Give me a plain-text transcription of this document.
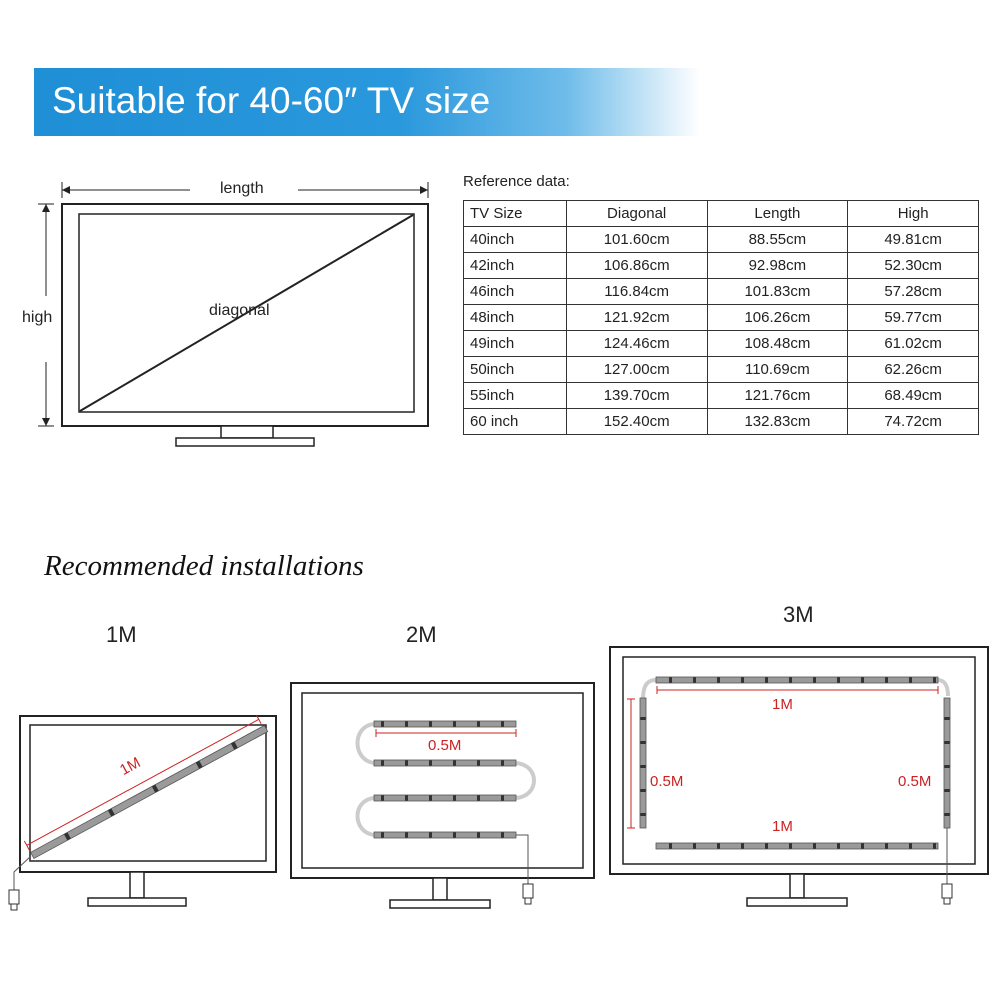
Suitable for 40-60″ TV size
length
high	diagonal
Reference data:
TV Size	Diagonal	Length	High
40inch	101.60cm	88.55cm	49.81cm
42inch	106.86cm	92.98cm	52.30cm
46inch	116.84cm	101.83cm	57.28cm
48inch	121.92cm	106.26cm	59.77cm
49inch	124.46cm	108.48cm	61.02cm
50inch	127.00cm	110.69cm	62.26cm
55inch	139.70cm	121.76cm	68.49cm
60 inch	152.40cm	132.83cm	74.72cm
Recommended installations
1M	2M
3M
1M
0.5M
1M
1M
0.5M	0.5M
